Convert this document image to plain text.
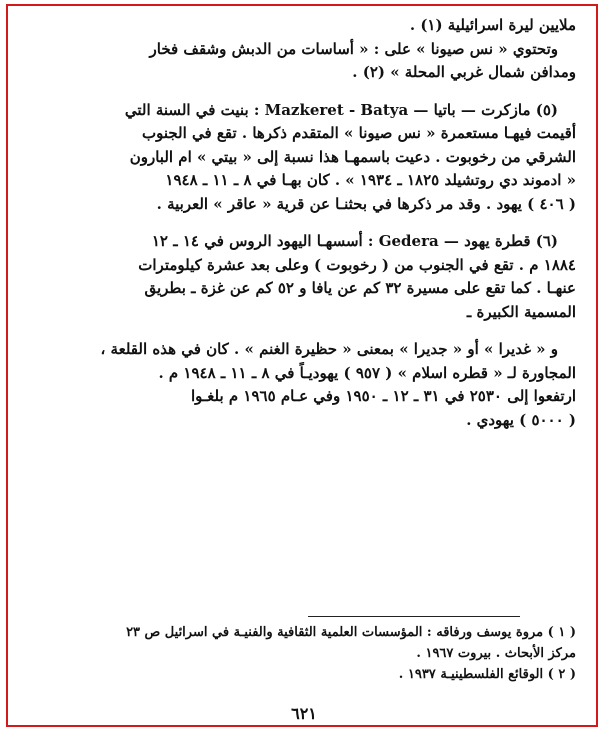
ملايين ليرة اسرائيلية (١) .
وتحتوي « نس صيونا » على : « أساسات من الدبش وشقف فخار
ومدافن شمال غربي المحلة » (٢) .
(٥) مازكرت — باتيا — Mazkeret - Batya : بنيت في السنة التي
أقيمت فيهـا مستعمرة « نس صيونا » المتقدم ذكرها . تقع في الجنوب
الشرقي من رخوبوت . دعيت باسمهـا هذا نسبة إلى « بيتي » ام البارون
« ادموند دي روتشيلد ١٨٢٥ ـ ١٩٣٤ » . كان بهـا في ٨ ـ ١١ ـ ١٩٤٨
( ٤٠٦ ) يهود . وقد مر ذكرها في بحثنـا عن قرية « عاقر » العربية .
(٦) قطرة يهود — Gedera : أسسهـا اليهود الروس في ١٤ ـ ١٢
١٨٨٤ م . تقع في الجنوب من ( رخوبوت ) وعلى بعد عشرة كيلومترات
عنهـا . كما تقع على مسيرة ٣٢ كم عن يافا و ٥٢ كم عن غزة ـ بطريق
المسمية الكبيرة ـ
و « غديرا » أو « جديرا » بمعنى « حظيرة الغنم » . كان في هذه القلعة ،
المجاورة لـ « قطره اسلام » ( ٩٥٧ ) يهوديـاً في ٨ ـ ١١ ـ ١٩٤٨ م .
ارتفعوا إلى ٢٥٣٠ في ٣١ ـ ١٢ ـ ١٩٥٠ وفي عـام ١٩٦٥ م بلغـوا
( ٥٠٠٠ ) يهودي .
( ١ ) مروة يوسف ورفاقه : المؤسسات العلمية الثقافية والفنيـة في اسرائيل ص ٢٣
مركز الأبحاث . بيروت ١٩٦٧ .
( ٢ ) الوقائع الفلسطينيـة ١٩٣٧ .
٦٢١
